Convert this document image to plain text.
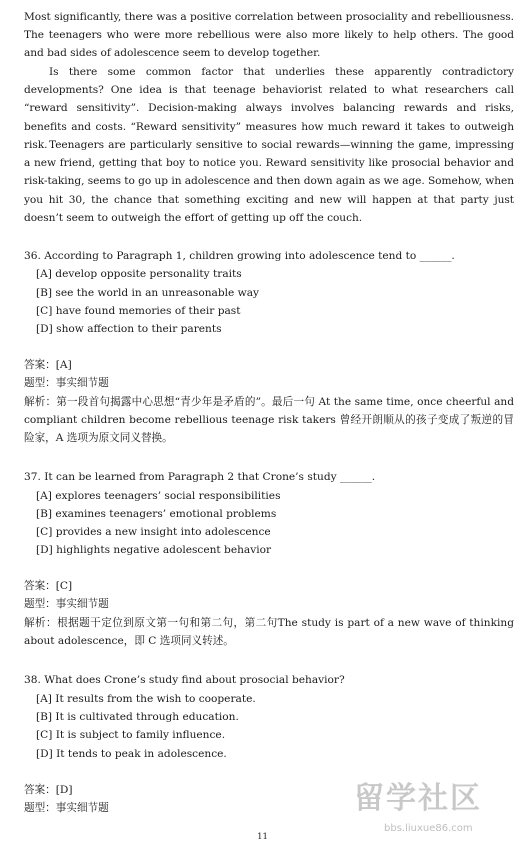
Most significantly, there was a positive correlation between prosociality and rebelliousness. The teenagers who were more rebellious were also more likely to help others. The good and bad sides of adolescence seem to develop together.

Is there some common factor that underlies these apparently contradictory developments? One idea is that teenage behaviorist related to what researchers call “reward sensitivity”. Decision-making always involves balancing rewards and risks, benefits and costs. “Reward sensitivity” measures how much reward it takes to outweigh risk. Teenagers are particularly sensitive to social rewards—winning the game, impressing a new friend, getting that boy to notice you. Reward sensitivity like prosocial behavior and risk-taking, seems to go up in adolescence and then down again as we age. Somehow, when you hit 30, the chance that something exciting and new will happen at that party just doesn’t seem to outweigh the effort of getting up off the couch.

36. According to Paragraph 1, children growing into adolescence tend to ______.

[A] develop opposite personality traits

[B] see the world in an unreasonable way

[C] have found memories of their past

[D] show affection to their parents

答案：[A]

题型：事实细节题

解析：第一段首句揭露中心思想“青少年是矛盾的”。最后一句 At the same time, once cheerful and compliant children become rebellious teenage risk takers 曾经开朗顺从的孩子变成了叛逆的冒险家，A 选项为原文同义替换。

37. It can be learned from Paragraph 2 that Crone’s study ______.

[A] explores teenagers’ social responsibilities

[B] examines teenagers’ emotional problems

[C] provides a new insight into adolescence

[D] highlights negative adolescent behavior

答案：[C]

题型：事实细节题

解析：根据题干定位到原文第一句和第二句，第二句The study is part of a new wave of thinking about adolescence，即 C 选项同义转述。

38. What does Crone’s study find about prosocial behavior?

[A] It results from the wish to cooperate.

[B] It is cultivated through education.

[C] It is subject to family influence.

[D] It tends to peak in adolescence.

答案：[D]

题型：事实细节题

11
留学社区
bbs.liuxue86.com
